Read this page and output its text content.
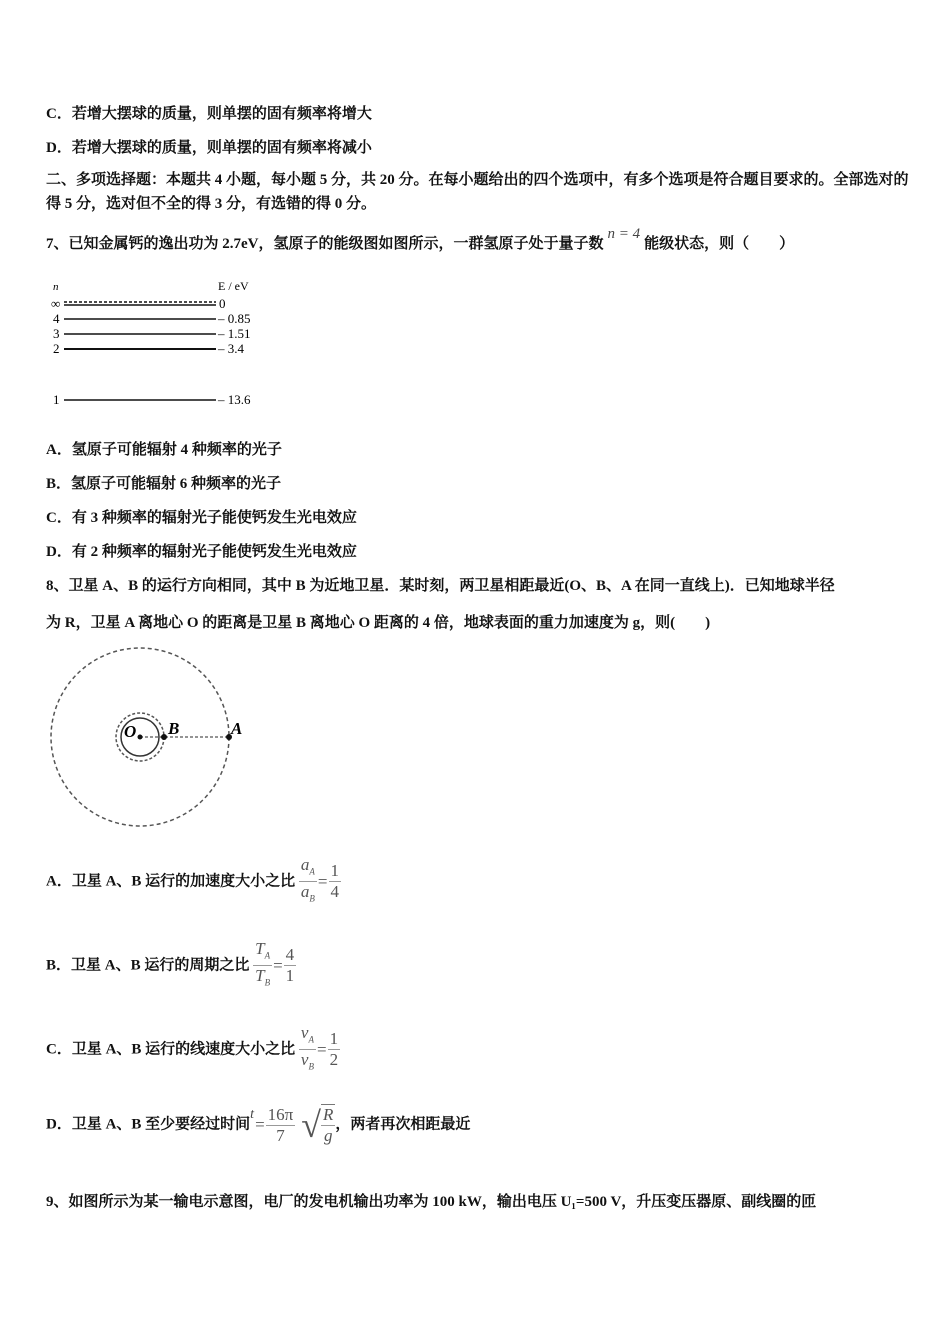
C．若增大摆球的质量，则单摆的固有频率将增大
D．若增大摆球的质量，则单摆的固有频率将减小
二、多项选择题：本题共 4 小题，每小题 5 分，共 20 分。在每小题给出的四个选项中，有多个选项是符合题目要求的。全部选对的得 5 分，选对但不全的得 3 分，有选错的得 0 分。
7、已知金属钙的逸出功为 2.7eV，氢原子的能级图如图所示，一群氢原子处于量子数n = 4能级状态，则（　　）
n	E / eV
∞	0
4	– 0.85
3	– 1.51
2	– 3.4
1	– 13.6
A．氢原子可能辐射 4 种频率的光子
B．氢原子可能辐射 6 种频率的光子
C．有 3 种频率的辐射光子能使钙发生光电效应
D．有 2 种频率的辐射光子能使钙发生光电效应
8、卫星 A、B 的运行方向相同，其中 B 为近地卫星．某时刻，两卫星相距最近(O、B、A 在同一直线上)．已知地球半径
为 R，卫星 A 离地心 O 的距离是卫星 B 离地心 O 距离的 4 倍，地球表面的重力加速度为 g，则(　　)
O B	A
A．卫星 A、B 运行的加速度大小之比 $\frac{a_A}{a_B} = \frac{1}{4}$
B．卫星 A、B 运行的周期之比 $\frac{T_A}{T_B} = \frac{4}{1}$
C．卫星 A、B 运行的线速度大小之比 $\frac{v_A}{v_B} = \frac{1}{2}$
D．卫星 A、B 至少要经过时间$t= \frac{16\pi}{7}$ √ $\frac{R}{g}$ ，两者再次相距最近
9、如图所示为某一输电示意图，电厂的发电机输出功率为 100 kW，输出电压 U₁=500 V，升压变压器原、副线圈的匝
